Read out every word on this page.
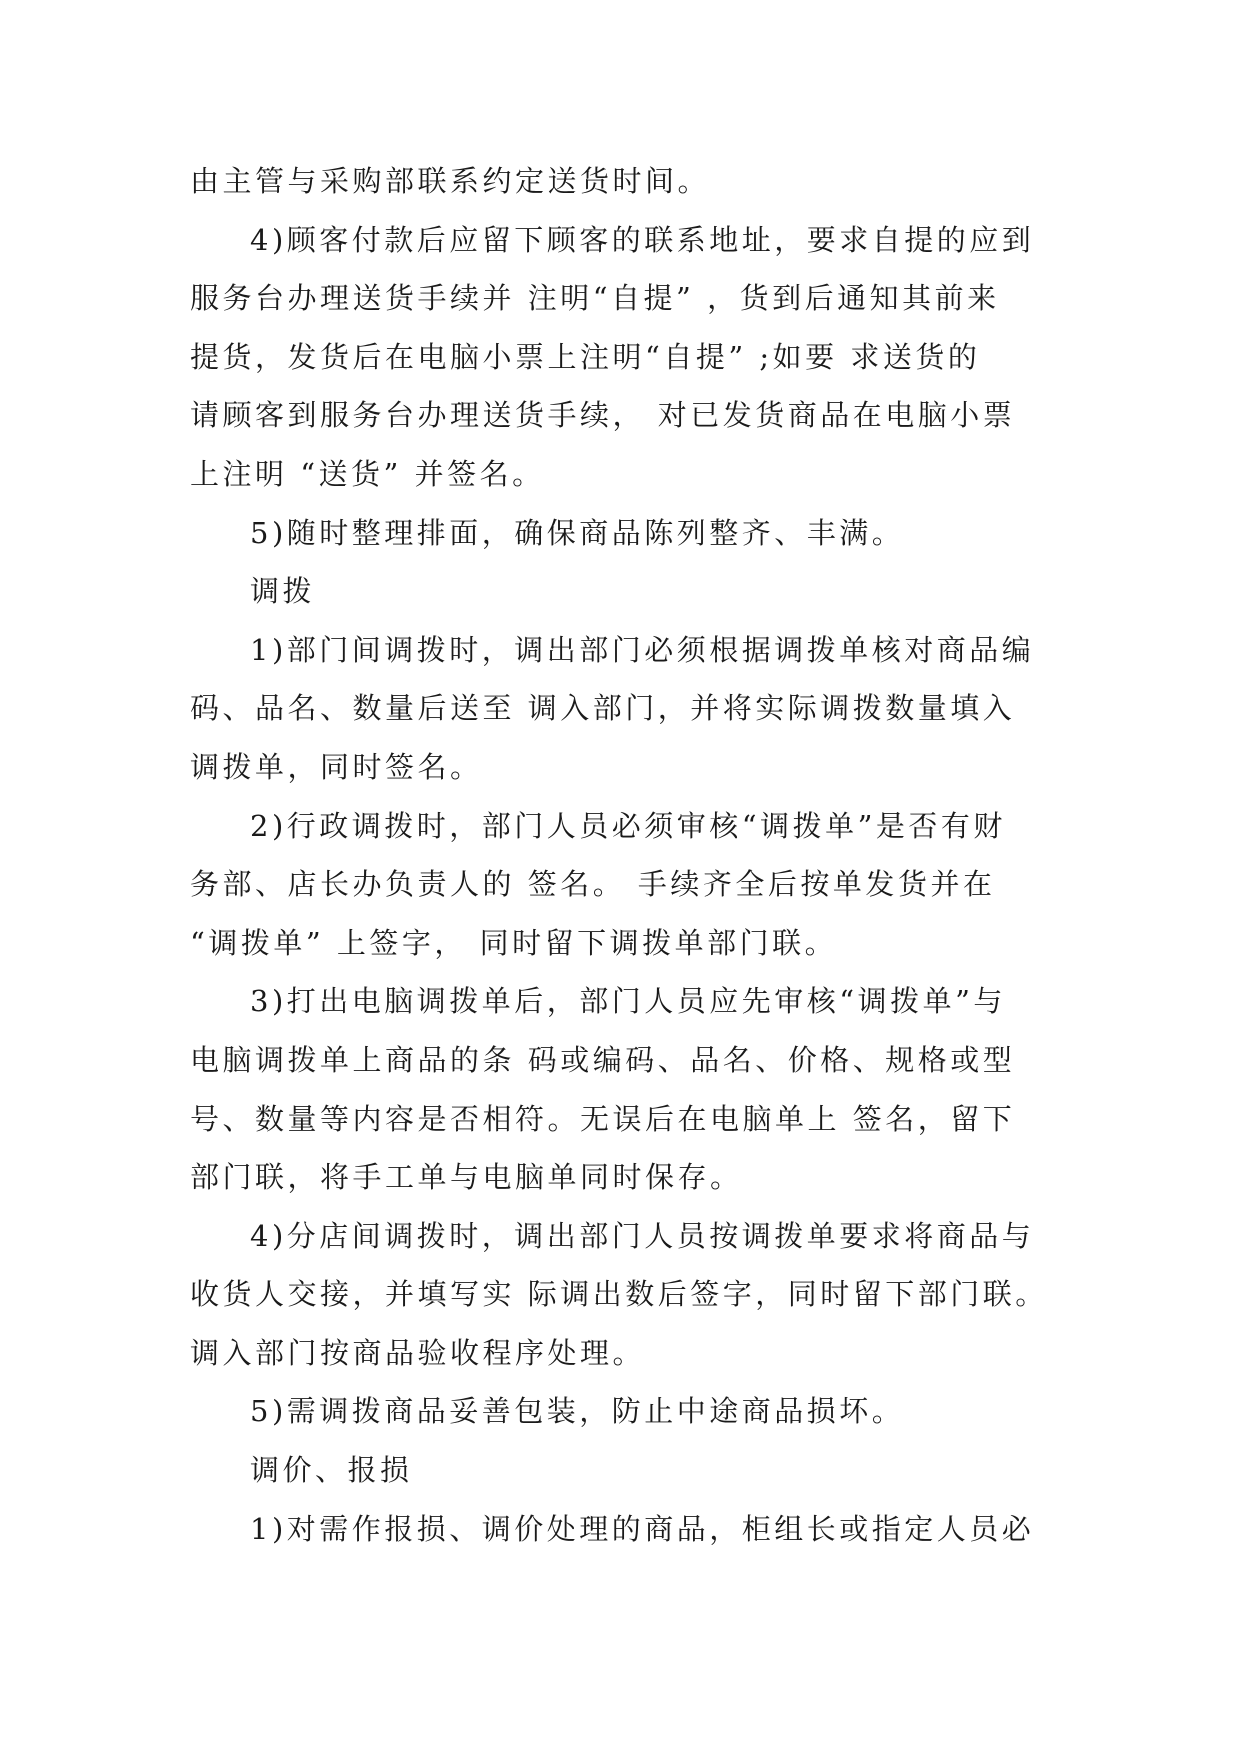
由主管与采购部联系约定送货时间。
4)顾客付款后应留下顾客的联系地址，要求自提的应到
服务台办理送货手续并 注明“自提” ，货到后通知其前来
提货，发货后在电脑小票上注明“自提” ;如要 求送货的
请顾客到服务台办理送货手续， 对已发货商品在电脑小票
上注明 “送货” 并签名。
5)随时整理排面，确保商品陈列整齐、丰满。
调拨
1)部门间调拨时，调出部门必须根据调拨单核对商品编
码、品名、数量后送至 调入部门，并将实际调拨数量填入
调拨单，同时签名。
2)行政调拨时，部门人员必须审核“调拨单”是否有财
务部、店长办负责人的 签名。 手续齐全后按单发货并在
“调拨单” 上签字， 同时留下调拨单部门联。
3)打出电脑调拨单后，部门人员应先审核“调拨单”与
电脑调拨单上商品的条 码或编码、品名、价格、规格或型
号、数量等内容是否相符。无误后在电脑单上 签名，留下
部门联，将手工单与电脑单同时保存。
4)分店间调拨时，调出部门人员按调拨单要求将商品与
收货人交接，并填写实 际调出数后签字，同时留下部门联。
调入部门按商品验收程序处理。
5)需调拨商品妥善包装，防止中途商品损坏。
调价、报损
1)对需作报损、调价处理的商品，柜组长或指定人员必
